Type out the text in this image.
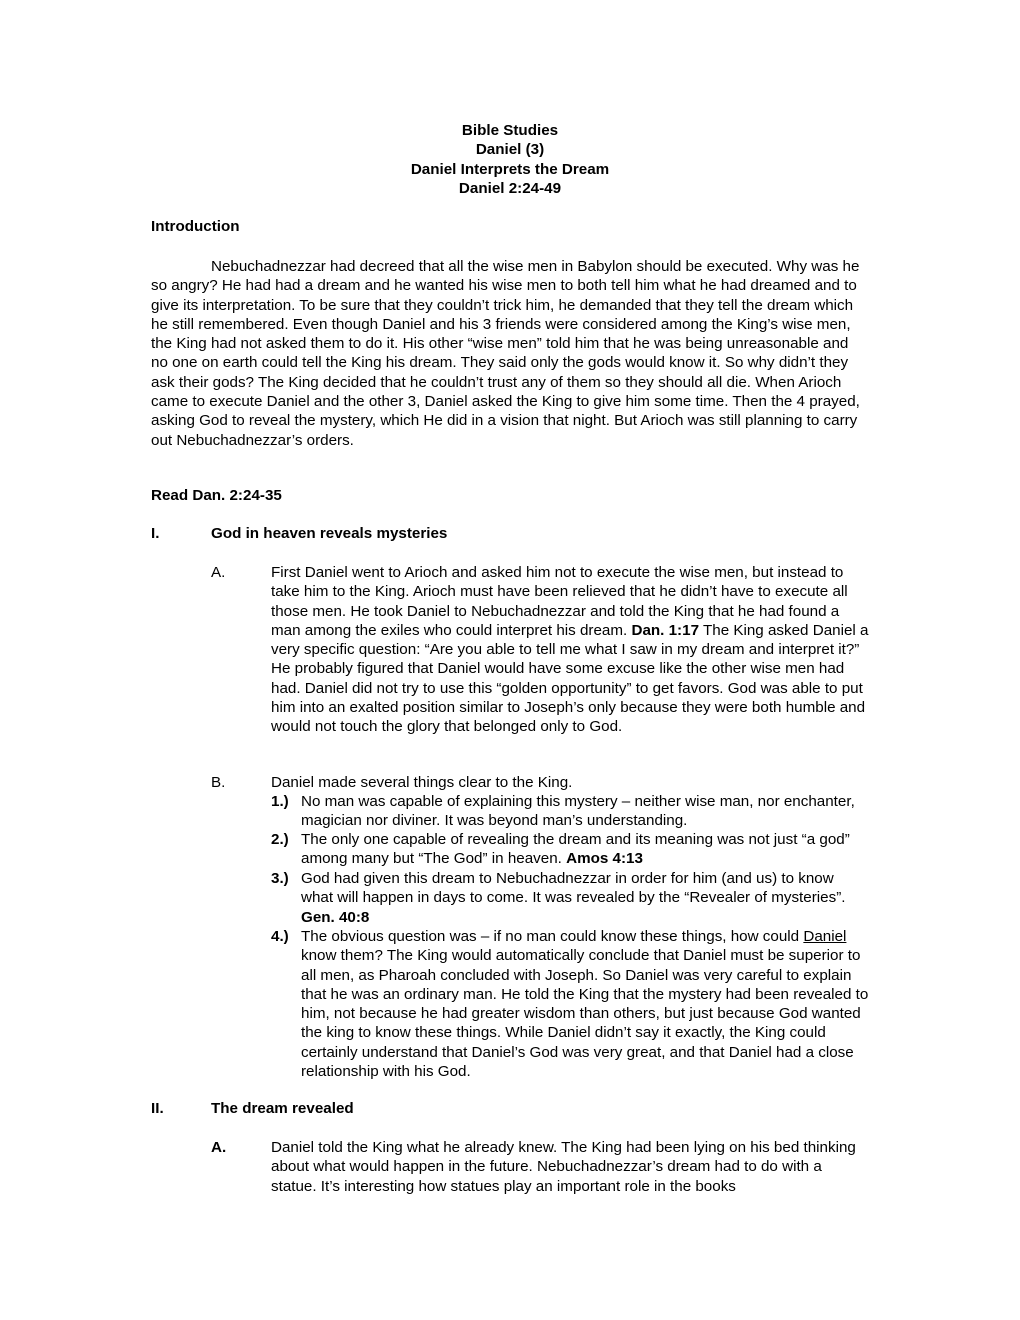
Bible Studies
Daniel (3)
Daniel Interprets the Dream
Daniel 2:24-49
Introduction

Nebuchadnezzar had decreed that all the wise men in Babylon should be executed. Why was he so angry? He had had a dream and he wanted his wise men to both tell him what he had dreamed and to give its interpretation. To be sure that they couldn’t trick him, he demanded that they tell the dream which he still remembered. Even though Daniel and his 3 friends were considered among the King’s wise men, the King had not asked them to do it. His other “wise men” told him that he was being unreasonable and no one on earth could tell the King his dream. They said only the gods would know it. So why didn’t they ask their gods? The King decided that he couldn’t trust any of them so they should all die. When Arioch came to execute Daniel and the other 3, Daniel asked the King to give him some time. Then the 4 prayed, asking God to reveal the mystery, which He did in a vision that night. But Arioch was still planning to carry out Nebuchadnezzar’s orders.

Read Dan. 2:24-35
I.	God in heaven reveals mysteries
A.	First Daniel went to Arioch and asked him not to execute the wise men, but instead to take him to the King. Arioch must have been relieved that he didn’t have to execute all those men. He took Daniel to Nebuchadnezzar and told the King that he had found a man among the exiles who could interpret his dream. Dan. 1:17 The King asked Daniel a very specific question: “Are you able to tell me what I saw in my dream and interpret it?” He probably figured that Daniel would have some excuse like the other wise men had had. Daniel did not try to use this “golden opportunity” to get favors. God was able to put him into an exalted position similar to Joseph’s only because they were both humble and would not touch the glory that belonged only to God.
B.	Daniel made several things clear to the King.
1.) No man was capable of explaining this mystery – neither wise man, nor enchanter, magician nor diviner. It was beyond man’s understanding.
2.) The only one capable of revealing the dream and its meaning was not just “a god” among many but “The God” in heaven. Amos 4:13
3.) God had given this dream to Nebuchadnezzar in order for him (and us) to know what will happen in days to come. It was revealed by the “Revealer of mysteries”. Gen. 40:8
4.) The obvious question was – if no man could know these things, how could Daniel know them? The King would automatically conclude that Daniel must be superior to all men, as Pharoah concluded with Joseph. So Daniel was very careful to explain that he was an ordinary man. He told the King that the mystery had been revealed to him, not because he had greater wisdom than others, but just because God wanted the king to know these things. While Daniel didn’t say it exactly, the King could certainly understand that Daniel’s God was very great, and that Daniel had a close relationship with his God.
II.	The dream revealed
A.	Daniel told the King what he already knew. The King had been lying on his bed thinking about what would happen in the future. Nebuchadnezzar’s dream had to do with a statue. It’s interesting how statues play an important role in the books
